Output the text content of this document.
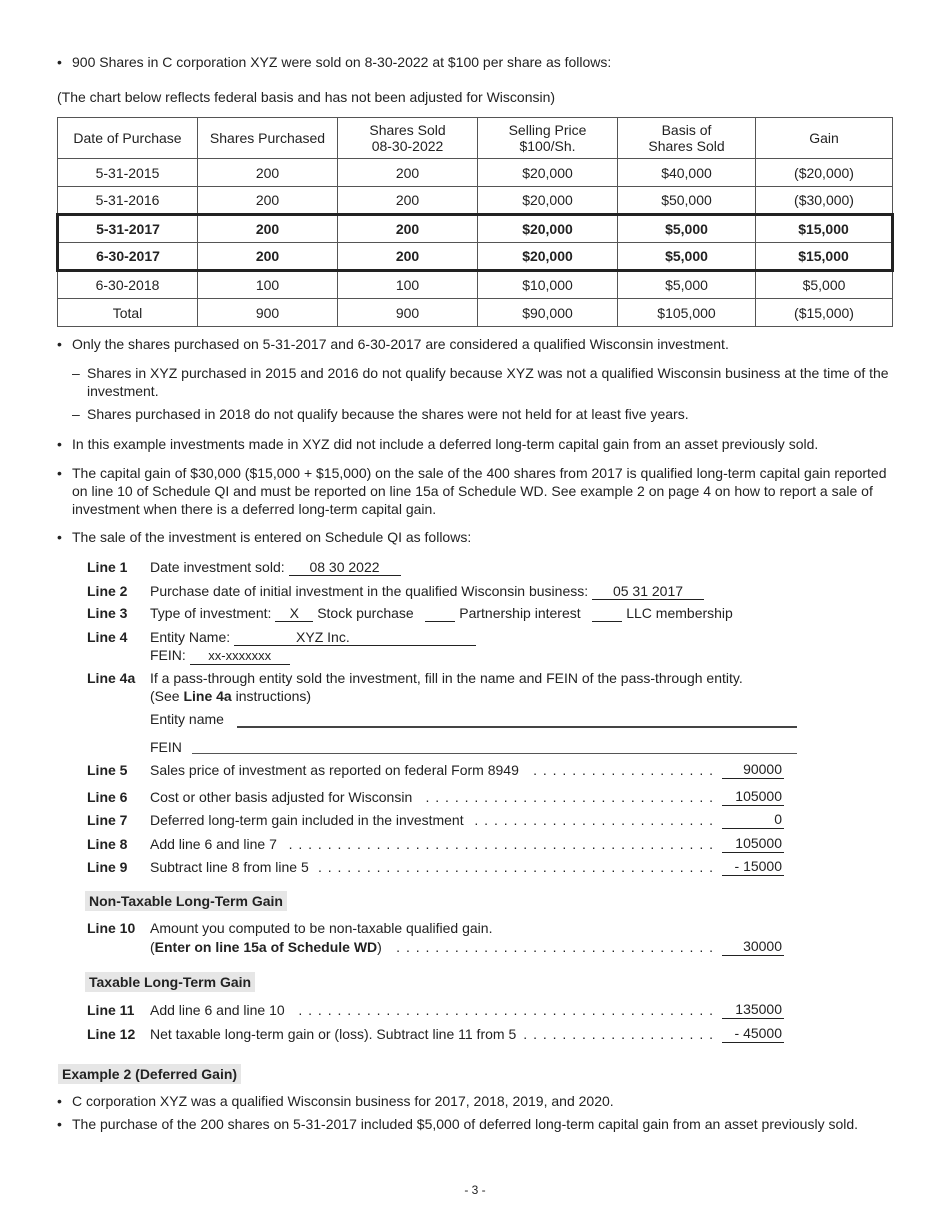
• 900 Shares in C corporation XYZ were sold on 8-30-2022 at $100 per share as follows:
(The chart below reflects federal basis and has not been adjusted for Wisconsin)
Date of Purchase	Shares Purchased	Shares Sold 08-30-2022	Selling Price $100/Sh.	Basis of Shares Sold	Gain
5-31-2015	200	200	$20,000	$40,000	($20,000)
5-31-2016	200	200	$20,000	$50,000	($30,000)
5-31-2017	200	200	$20,000	$5,000	$15,000
6-30-2017	200	200	$20,000	$5,000	$15,000
6-30-2018	100	100	$10,000	$5,000	$5,000
Total	900	900	$90,000	$105,000	($15,000)
• Only the shares purchased on 5-31-2017 and 6-30-2017 are considered a qualified Wisconsin investment.
– Shares in XYZ purchased in 2015 and 2016 do not qualify because XYZ was not a qualified Wisconsin business at the time of the investment.
– Shares purchased in 2018 do not qualify because the shares were not held for at least five years.
• In this example investments made in XYZ did not include a deferred long-term capital gain from an asset previously sold.
• The capital gain of $30,000 ($15,000 + $15,000) on the sale of the 400 shares from 2017 is qualified long-term capital gain reported on line 10 of Schedule QI and must be reported on line 15a of Schedule WD. See example 2 on page 4 on how to report a sale of investment when there is a deferred long-term capital gain.
• The sale of the investment is entered on Schedule QI as follows:
Line 1 Date investment sold: 08 30 2022
Line 2 Purchase date of initial investment in the qualified Wisconsin business: 05 31 2017
Line 3 Type of investment: X Stock purchase	Partnership interest	LLC membership
Line 4 Entity Name:	XYZ Inc.
FEIN: xx-xxxxxxx
Line 4a If a pass-through entity sold the investment, fill in the name and FEIN of the pass-through entity.
(See Line 4a instructions)
Entity name
FEIN
Line 5	Sales price of investment as reported on federal Form 8949	. . . . . . . . . . . . . . . . . . .	90000
Line 6	Cost or other basis adjusted for Wisconsin . . . . . . . . . . . . . . . . . . . . . . . . . . . . . .	105000
Line 7	Deferred long-term gain included in the investment . . . . . . . . . . . . . . . . . . . . . . . . .	0
Line 8	Add line 6 and line 7 . . . . . . . . . . . . . . . . . . . . . . . . . . . . . . . . . . . . . . . . . . . .	105000
Line 9	Subtract line 8 from line 5 . . . . . . . . . . . . . . . . . . . . . . . . . . . . . . . . . . . . . . . . .	- 15000
Line 11	Add line 6 and line 10 . . . . . . . . . . . . . . . . . . . . . . . . . . . . . . . . . . . . . . . . . . .	135000
Line 12	Net taxable long-term gain or (loss). Subtract line 11 from 5 . . . . . . . . . . . . . . . . . . . .	- 45000
Non-Taxable Long-Term Gain
Line 10 Amount you computed to be non-taxable qualified gain.
(Enter on line 15a of Schedule WD)	. . . . . . . . . . . . . . . . . . . . . . . . . . . . . . . . .	30000
Taxable Long-Term Gain
Example 2 (Deferred Gain)
• C corporation XYZ was a qualified Wisconsin business for 2017, 2018, 2019, and 2020.
• The purchase of the 200 shares on 5-31-2017 included $5,000 of deferred long-term capital gain from an asset previously sold.
- 3 -
